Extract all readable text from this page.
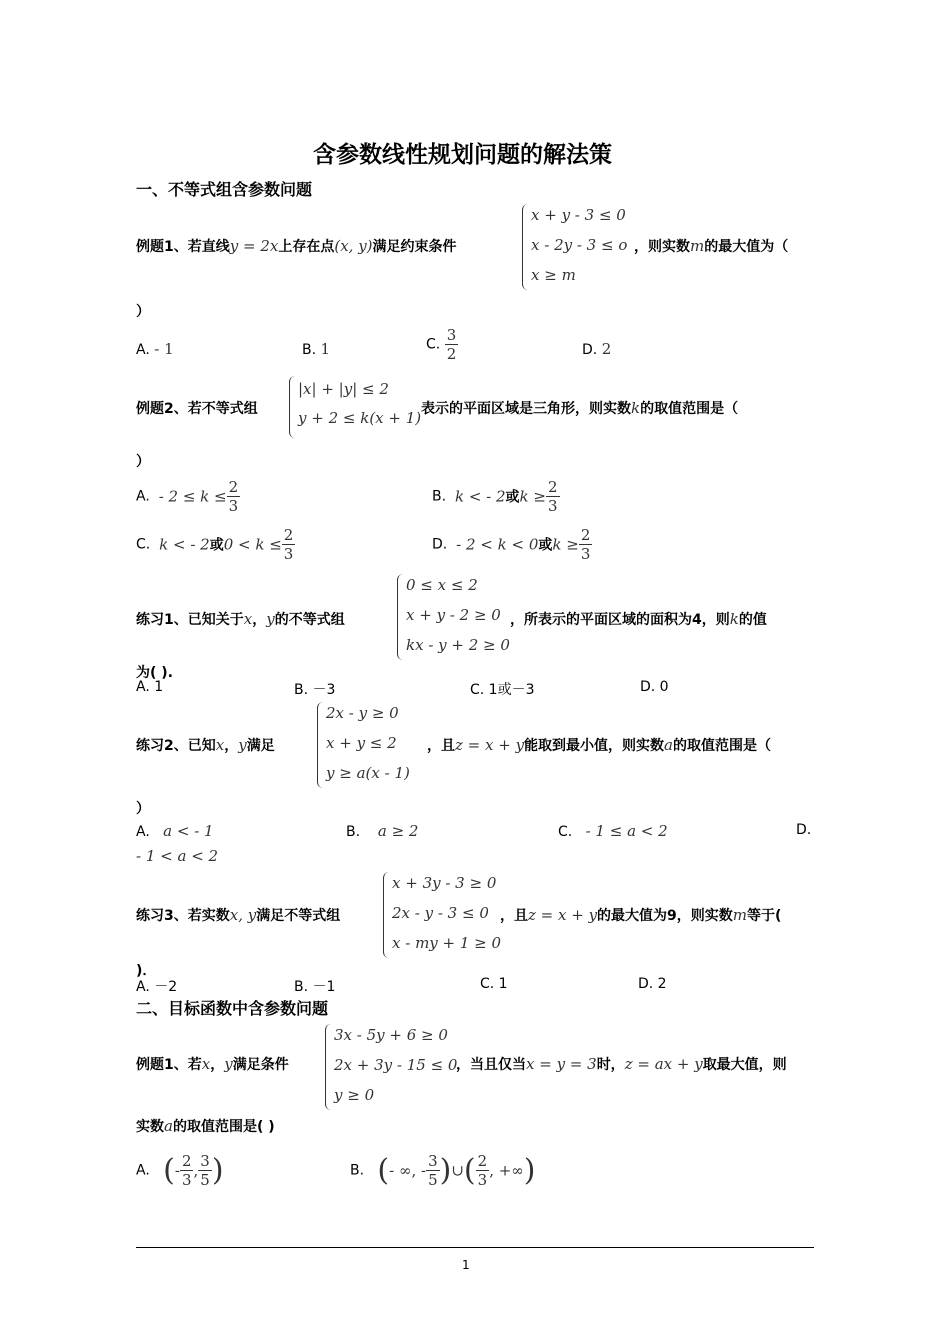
含参数线性规划问题的解法策
一、不等式组含参数问题
例题1、若直线y = 2x上存在点(x, y)满足约束条件
x + y - 3 ≤ 0
x - 2y - 3 ≤ o
x ≥ m
，则实数m的最大值为（
）
A. - 1	B. 1	C. $\frac{3}{2}$	D. 2
例题2、若不等式组
|x| + |y| ≤ 2
y + 2 ≤ k(x + 1) 表示的平面区域是三角形，则实数k的取值范围是（
）
A. - $2 \le k \le \frac{2}{3}$	B. k < - 2或$k \ge \frac{2}{3}$
C. k < - 2或$0 < k \le \frac{2}{3}$	D. - 2 < k < 0或$k \ge \frac{2}{3}$
练习1、已知关于x，y的不等式组
0 ≤ x ≤ 2
x + y - 2 ≥ 0
kx - y + 2 ≥ 0
，所表示的平面区域的面积为4，则k的值
为( ).
A. 1	B. －3	C. 1或－3	D. 0
练习2、已知x，y满足
2x - y ≥ 0
x + y ≤ 2
y ≥ a(x - 1)
，且z = x + y能取到最小值，则实数a的取值范围是（
）
A. a < - 1	B. a ≥ 2	C. - 1 ≤ a < 2	D.
- 1 < a < 2
练习3、若实数x, y满足不等式组
x + 3y - 3 ≥ 0
2x - y - 3 ≤ 0
x - my + 1 ≥ 0
，且z = x + y的最大值为9，则实数m等于(
)．
A. －2	B. －1	C. 1	D. 2
二、目标函数中含参数问题
例题1、若x，y满足条件
3x - 5y + 6 ≥ 0
2x + 3y - 15 ≤ 0
y ≥ 0
，当且仅当x = y = 3时，z = ax + y取最大值，则
实数a的取值范围是( )
A. (- $\frac{2}{3}$ , $\frac{3}{5}$ )	B. (- ∞, - $\frac{3}{5}$ )∪( $\frac{2}{3}$ , +∞)
1
